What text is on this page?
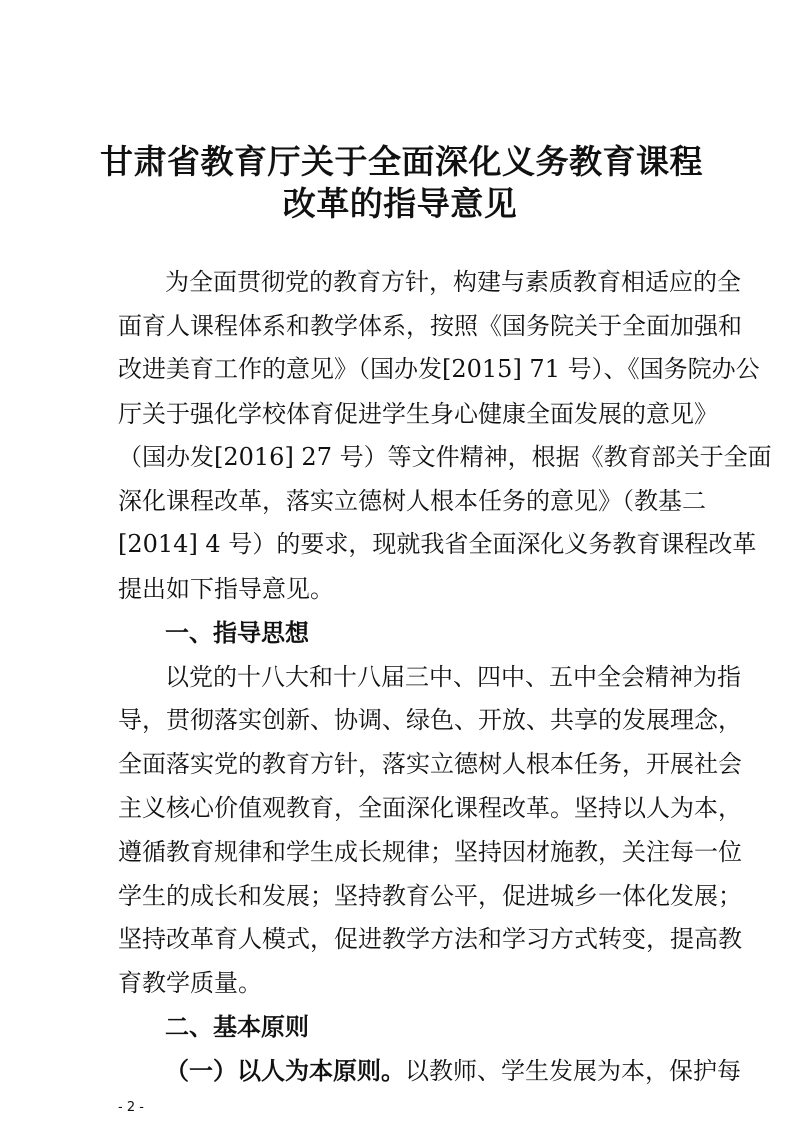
甘肃省教育厅关于全面深化义务教育课程
改革的指导意见
为全面贯彻党的教育方针，构建与素质教育相适应的全
面育人课程体系和教学体系，按照《国务院关于全面加强和
改进美育工作的意见》（国办发[2015] 71 号）、《国务院办公
厅关于强化学校体育促进学生身心健康全面发展的意见》
（国办发[2016] 27 号）等文件精神，根据《教育部关于全面
深化课程改革，落实立德树人根本任务的意见》（教基二
[2014] 4 号）的要求，现就我省全面深化义务教育课程改革
提出如下指导意见。
一、指导思想
以党的十八大和十八届三中、四中、五中全会精神为指
导，贯彻落实创新、协调、绿色、开放、共享的发展理念，
全面落实党的教育方针，落实立德树人根本任务，开展社会
主义核心价值观教育，全面深化课程改革。坚持以人为本，
遵循教育规律和学生成长规律；坚持因材施教，关注每一位
学生的成长和发展；坚持教育公平，促进城乡一体化发展；
坚持改革育人模式，促进教学方法和学习方式转变，提高教
育教学质量。
二、基本原则
（一）以人为本原则。以教师、学生发展为本，保护每
- 2 -
